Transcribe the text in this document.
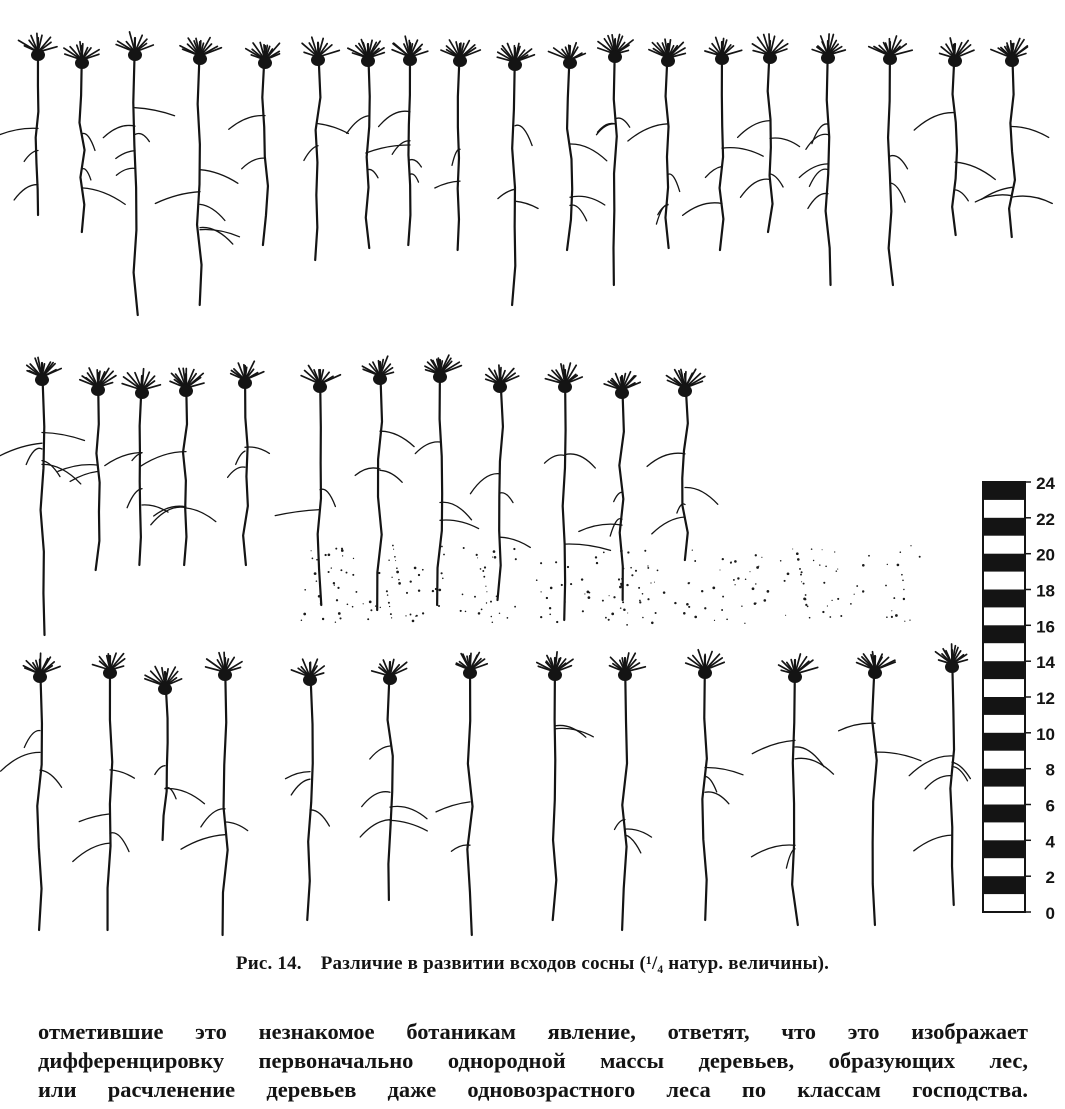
24
22
20
18
16
14
12
10
8
6
4
2
0
Рис. 14. Различие в развитии всходов сосны (¹/₄ натур. величины).
отметившие это незнакомое ботаникам явление, ответят, что это изображает
дифференцировку первоначально однородной массы деревьев, образующих лес,
или расчленение деревьев даже одновозрастного леса по классам господства.
